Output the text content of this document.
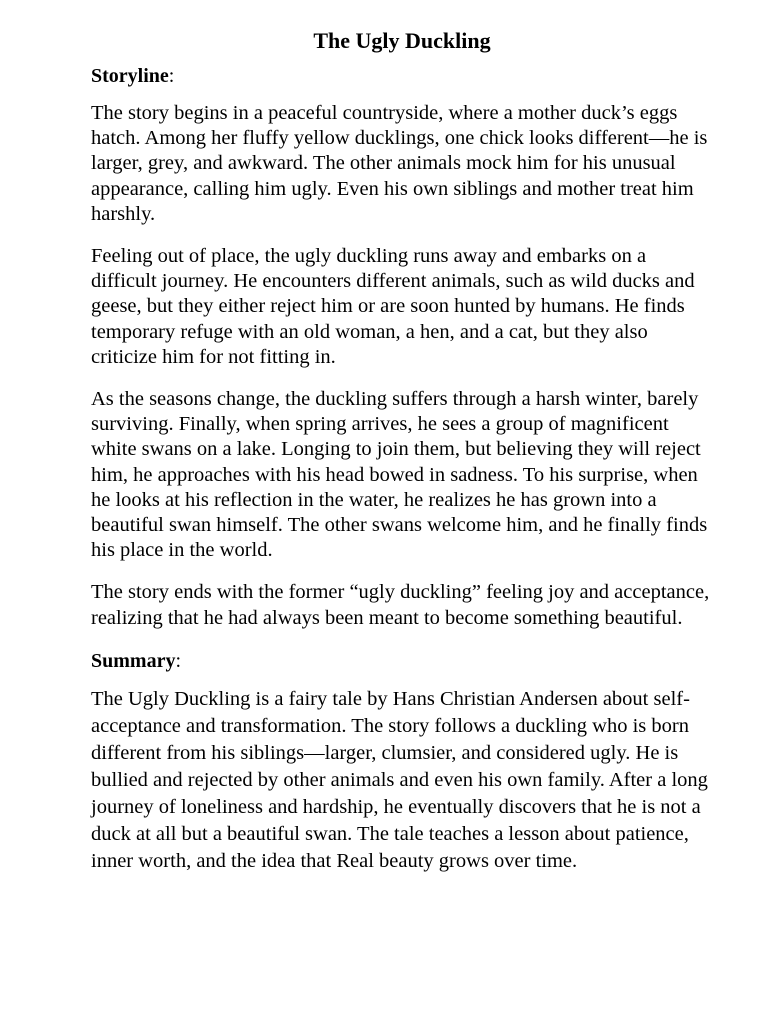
The Ugly Duckling
Storyline:

The story begins in a peaceful countryside, where a mother duck’s eggs hatch. Among her fluffy yellow ducklings, one chick looks different—he is larger, grey, and awkward. The other animals mock him for his unusual appearance, calling him ugly. Even his own siblings and mother treat him harshly.

Feeling out of place, the ugly duckling runs away and embarks on a difficult journey. He encounters different animals, such as wild ducks and geese, but they either reject him or are soon hunted by humans. He finds temporary refuge with an old woman, a hen, and a cat, but they also criticize him for not fitting in.

As the seasons change, the duckling suffers through a harsh winter, barely surviving. Finally, when spring arrives, he sees a group of magnificent white swans on a lake. Longing to join them, but believing they will reject him, he approaches with his head bowed in sadness. To his surprise, when he looks at his reflection in the water, he realizes he has grown into a beautiful swan himself. The other swans welcome him, and he finally finds his place in the world.

The story ends with the former “ugly duckling” feeling joy and acceptance, realizing that he had always been meant to become something beautiful.

Summary:

The Ugly Duckling is a fairy tale by Hans Christian Andersen about self-acceptance and transformation. The story follows a duckling who is born different from his siblings—larger, clumsier, and considered ugly. He is bullied and rejected by other animals and even his own family. After a long journey of loneliness and hardship, he eventually discovers that he is not a duck at all but a beautiful swan. The tale teaches a lesson about patience, inner worth, and the idea that Real beauty grows over time.
